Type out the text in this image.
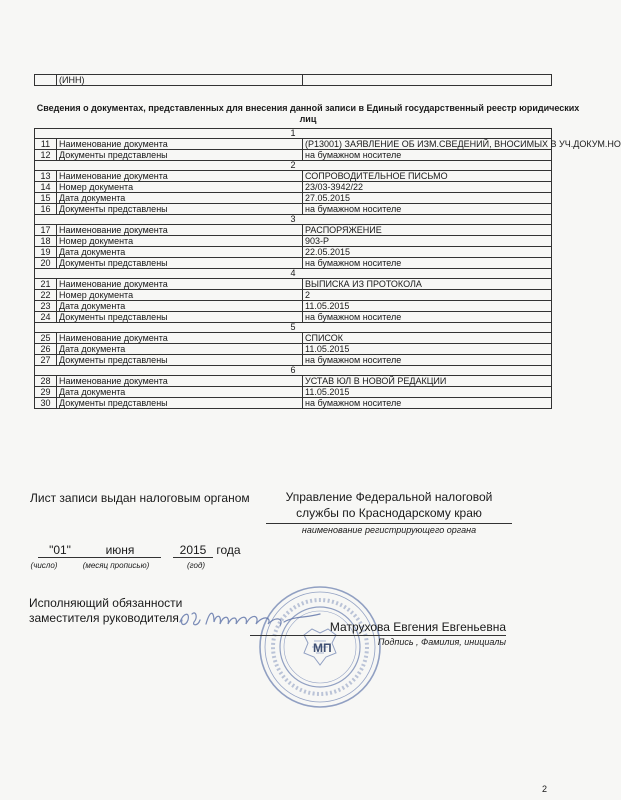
	(ИНН)	
Сведения о документах, представленных для внесения данной записи в Единый государственный реестр юридических лиц
1		
11	Наименование документа	(Р13001) ЗАЯВЛЕНИЕ ОБ ИЗМ.СВЕДЕНИЙ, ВНОСИМЫХ В УЧ.ДОКУМ.НО
12	Документы представлены	на бумажном носителе
2		
13	Наименование документа	СОПРОВОДИТЕЛЬНОЕ ПИСЬМО
14	Номер документа	23/03-3942/22
15	Дата документа	27.05.2015
16	Документы представлены	на бумажном носителе
3		
17	Наименование документа	РАСПОРЯЖЕНИЕ
18	Номер документа	903-Р
19	Дата документа	22.05.2015
20	Документы представлены	на бумажном носителе
4		
21	Наименование документа	ВЫПИСКА ИЗ ПРОТОКОЛА
22	Номер документа	2
23	Дата документа	11.05.2015
24	Документы представлены	на бумажном носителе
5		
25	Наименование документа	СПИСОК
26	Дата документа	11.05.2015
27	Документы представлены	на бумажном носителе
6		
28	Наименование документа	УСТАВ ЮЛ В НОВОЙ РЕДАКЦИИ
29	Дата документа	11.05.2015
30	Документы представлены	на бумажном носителе
Лист записи выдан налоговым органом	Управление Федеральной налоговой службы по Краснодарскому краю
наименование регистрирующего органа
"01"
(число)
июня
(месяц прописью)
2015 года
(год)
Исполняющий обязанности
заместителя руководителя
МП
Матрухова Евгения Евгеньевна
Подпись , Фамилия, инициалы
2
